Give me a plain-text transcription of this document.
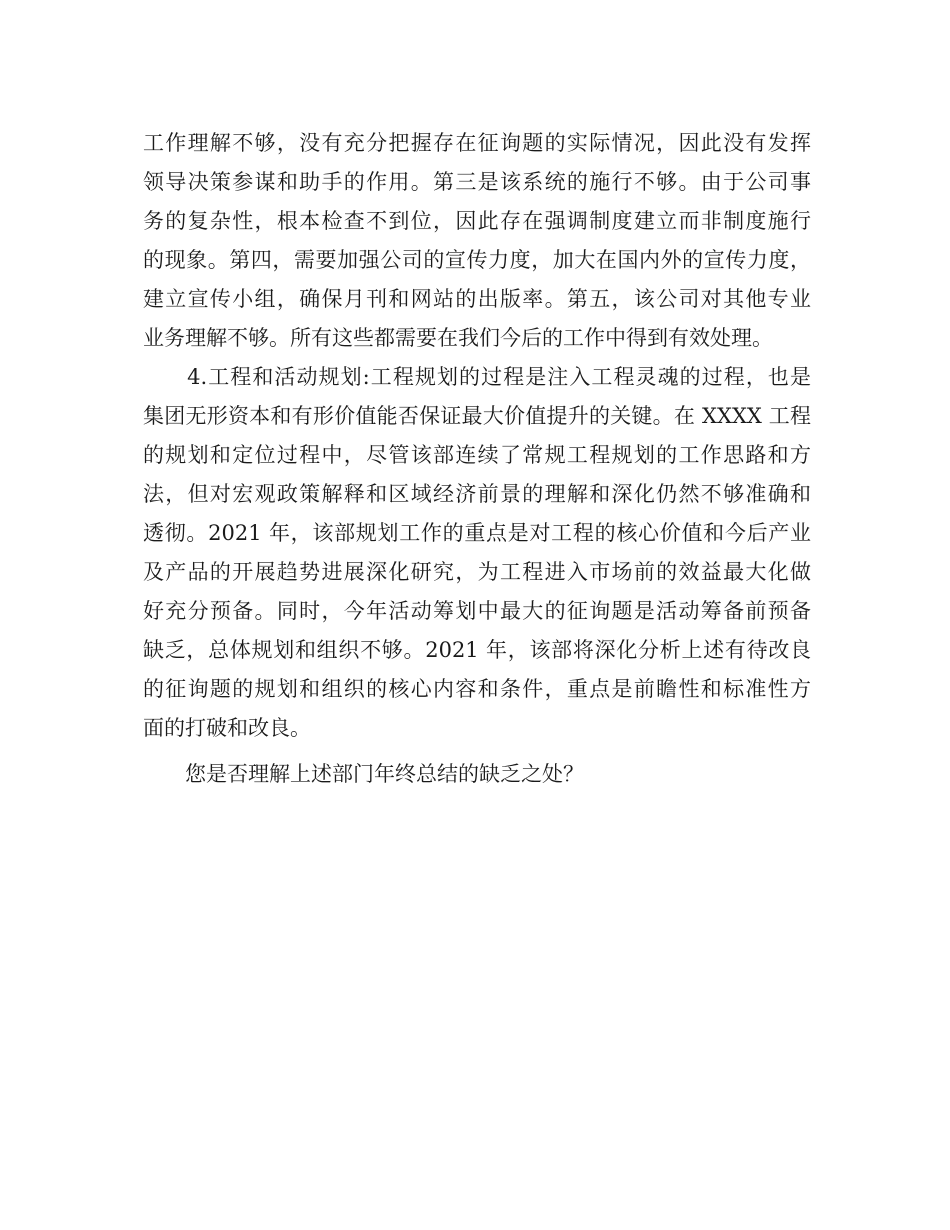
工作理解不够，没有充分把握存在征询题的实际情况，因此没有发挥
领导决策参谋和助手的作用。第三是该系统的施行不够。由于公司事
务的复杂性，根本检查不到位，因此存在强调制度建立而非制度施行
的现象。第四，需要加强公司的宣传力度，加大在国内外的宣传力度，
建立宣传小组，确保月刊和网站的出版率。第五，该公司对其他专业
业务理解不够。所有这些都需要在我们今后的工作中得到有效处理。
　　4.工程和活动规划:工程规划的过程是注入工程灵魂的过程，也是
集团无形资本和有形价值能否保证最大价值提升的关键。在 XXXX 工程
的规划和定位过程中，尽管该部连续了常规工程规划的工作思路和方
法，但对宏观政策解释和区域经济前景的理解和深化仍然不够准确和
透彻。2021 年，该部规划工作的重点是对工程的核心价值和今后产业
及产品的开展趋势进展深化研究，为工程进入市场前的效益最大化做
好充分预备。同时，今年活动筹划中最大的征询题是活动筹备前预备
缺乏，总体规划和组织不够。2021 年，该部将深化分析上述有待改良
的征询题的规划和组织的核心内容和条件，重点是前瞻性和标准性方
面的打破和改良。
您是否理解上述部门年终总结的缺乏之处？
